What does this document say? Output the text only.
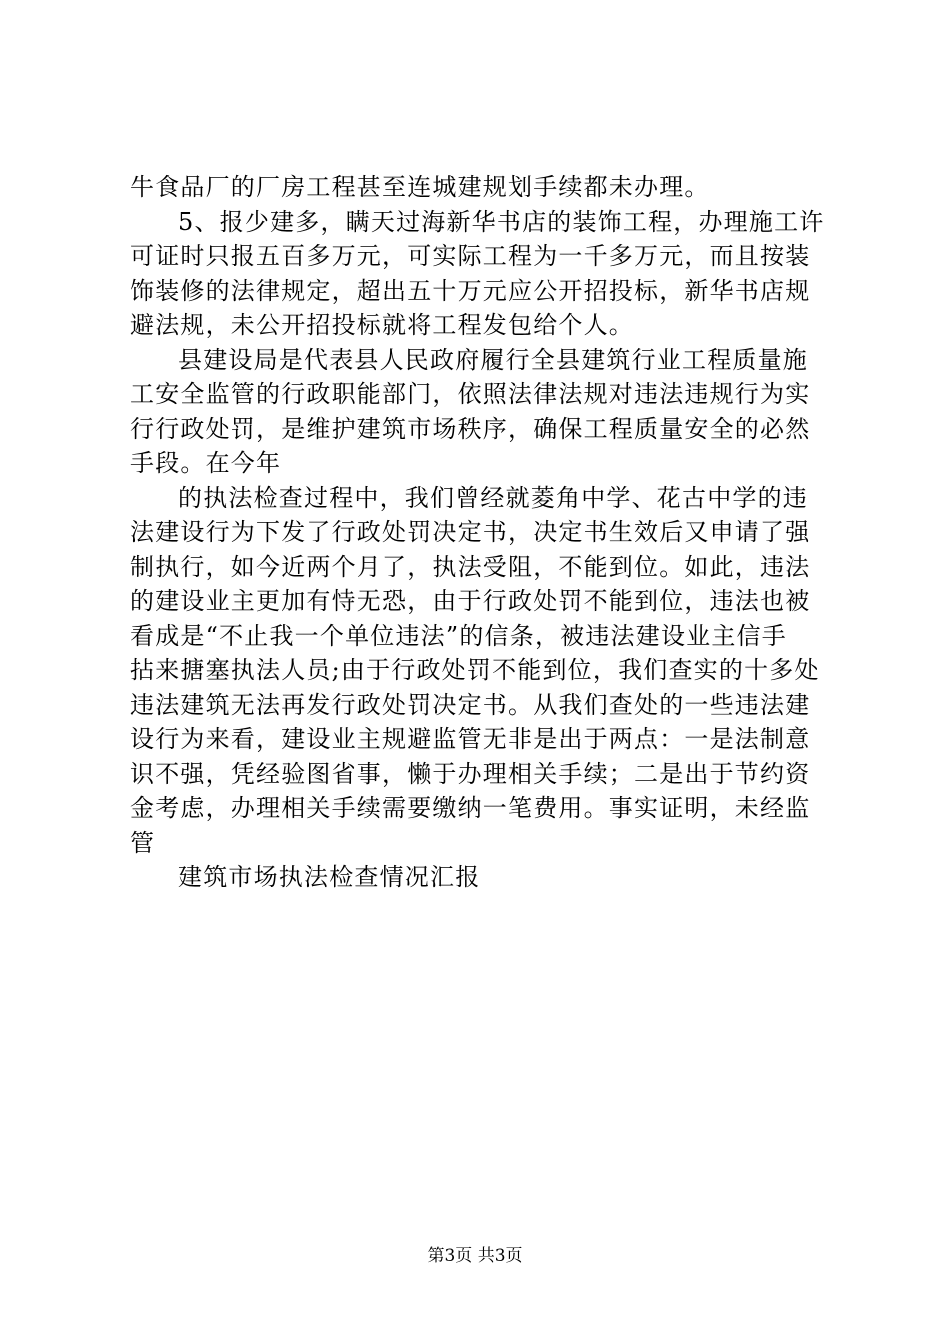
牛食品厂的厂房工程甚至连城建规划手续都未办理。
5、报少建多，瞒天过海新华书店的装饰工程，办理施工许
可证时只报五百多万元，可实际工程为一千多万元，而且按装
饰装修的法律规定，超出五十万元应公开招投标，新华书店规
避法规，未公开招投标就将工程发包给个人。
县建设局是代表县人民政府履行全县建筑行业工程质量施
工安全监管的行政职能部门，依照法律法规对违法违规行为实
行行政处罚，是维护建筑市场秩序，确保工程质量安全的必然
手段。在今年
的执法检查过程中，我们曾经就菱角中学、花古中学的违
法建设行为下发了行政处罚决定书，决定书生效后又申请了强
制执行，如今近两个月了，执法受阻，不能到位。如此，违法
的建设业主更加有恃无恐，由于行政处罚不能到位，违法也被
看成是“不止我一个单位违法”的信条，被违法建设业主信手
拈来搪塞执法人员;由于行政处罚不能到位，我们查实的十多处
违法建筑无法再发行政处罚决定书。从我们查处的一些违法建
设行为来看，建设业主规避监管无非是出于两点：一是法制意
识不强，凭经验图省事，懒于办理相关手续；二是出于节约资
金考虑，办理相关手续需要缴纳一笔费用。事实证明，未经监
管
建筑市场执法检查情况汇报
第3页 共3页
